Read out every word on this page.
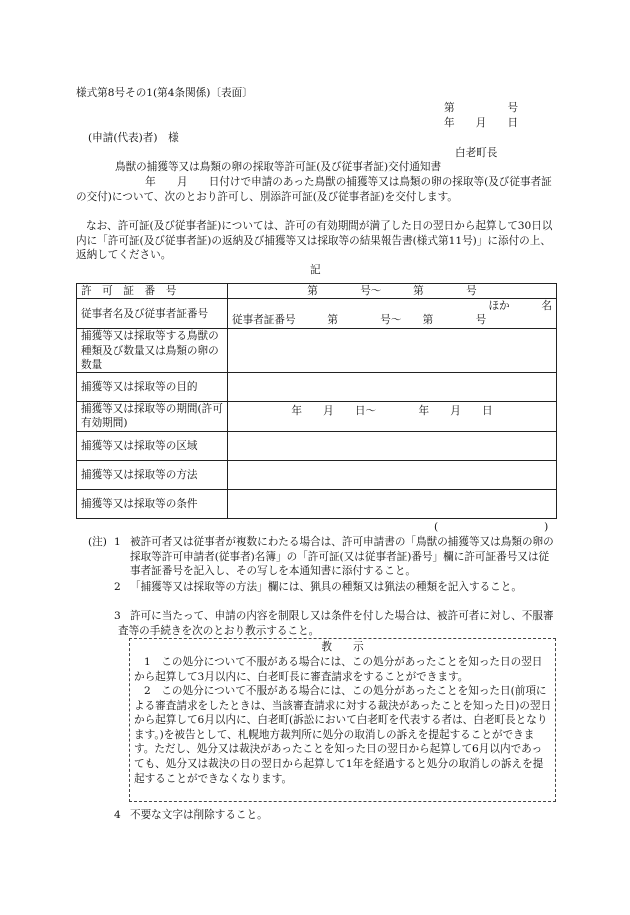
様式第8号その1(第4条関係)〔表面〕
第　　　　　号
年　　月　　日
(申請(代表)者)　様
白老町長
鳥獣の捕獲等又は鳥類の卵の採取等許可証(及び従事者証)交付通知書
　　年　　月　　日付けで申請のあった鳥獣の捕獲等又は鳥類の卵の採取等(及び従事者証の交付)について、次のとおり許可し、別添許可証(及び従事者証)を交付します。
なお、許可証(及び従事者証)については、許可の有効期間が満了した日の翌日から起算して30日以内に「許可証(及び従事者証)の返納及び捕獲等又は採取等の結果報告書(様式第11号)」に添付の上、返納してください。
記
許　可　証　番　号	第　　　　号～　　　第　　　　号
従事者名及び従事者証番号	ほか　　　名
従事者証番号　　　第　　　　号～　　第　　　　号

捕獲等又は採取等する鳥獣の種類及び数量又は鳥類の卵の数量	
捕獲等又は採取等の目的	
捕獲等又は採取等の期間(許可有効期間)	年　　月　　日～　　　　年　　月　　日
捕獲等又は採取等の区域	
捕獲等又は採取等の方法	
捕獲等又は採取等の条件	
(　　　　　　　　　　)
(注) 1 被許可者又は従事者が複数にわたる場合は、許可申請書の「鳥獣の捕獲等又は鳥類の卵の採取等許可申請者(従事者)名簿」の「許可証(又は従事者証)番号」欄に許可証番号又は従事者証番号を記入し、その写しを本通知書に添付すること。
2 「捕獲等又は採取等の方法」欄には、猟具の種類又は猟法の種類を記入すること。
3 許可に当たって、申請の内容を制限し又は条件を付した場合は、被許可者に対し、不服審査等の手続きを次のとおり教示すること。
教　　示
1　この処分について不服がある場合には、この処分があったことを知った日の翌日から起算して3月以内に、白老町長に審査請求をすることができます。
2　この処分について不服がある場合には、この処分があったことを知った日(前項による審査請求をしたときは、当該審査請求に対する裁決があったことを知った日)の翌日から起算して6月以内に、白老町(訴訟において白老町を代表する者は、白老町長となります。)を被告として、札幌地方裁判所に処分の取消しの訴えを提起することができます。ただし、処分又は裁決があったことを知った日の翌日から起算して6月以内であっても、処分又は裁決の日の翌日から起算して1年を経過すると処分の取消しの訴えを提起することができなくなります。
4 不要な文字は削除すること。
